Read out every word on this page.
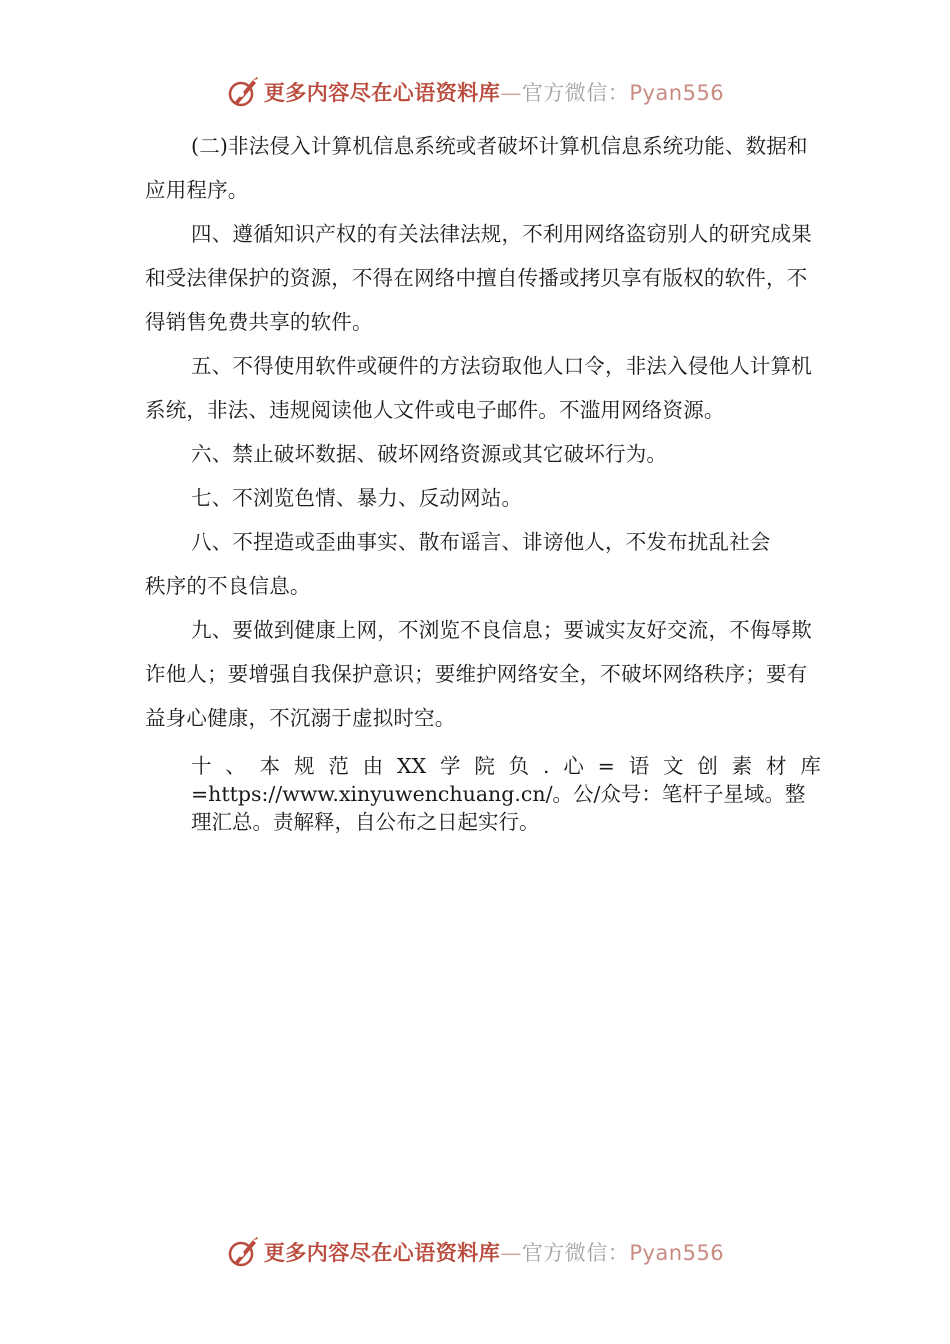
更多内容尽在心语资料库—官方微信：Pyan556

(二)非法侵入计算机信息系统或者破坏计算机信息系统功能、数据和应用程序。

四、遵循知识产权的有关法律法规，不利用网络盗窃别人的研究成果和受法律保护的资源，不得在网络中擅自传播或拷贝享有版权的软件，不得销售免费共享的软件。

五、不得使用软件或硬件的方法窃取他人口令，非法入侵他人计算机系统，非法、违规阅读他人文件或电子邮件。不滥用网络资源。

六、禁止破坏数据、破坏网络资源或其它破坏行为。

七、不浏览色情、暴力、反动网站。

八、不捏造或歪曲事实、散布谣言、诽谤他人，不发布扰乱社会

秩序的不良信息。

九、要做到健康上网，不浏览不良信息；要诚实友好交流，不侮辱欺诈他人；要增强自我保护意识；要维护网络安全，不破坏网络秩序；要有益身心健康，不沉溺于虚拟时空。

十 、 本 规 范 由 XX 学 院 负 . 心 = 语 文 创 素 材 库
=https://www.xinyuwenchuang.cn/。公/众号：笔杆子星域。整
理汇总。责解释，自公布之日起实行。
更多内容尽在心语资料库—官方微信：Pyan556
